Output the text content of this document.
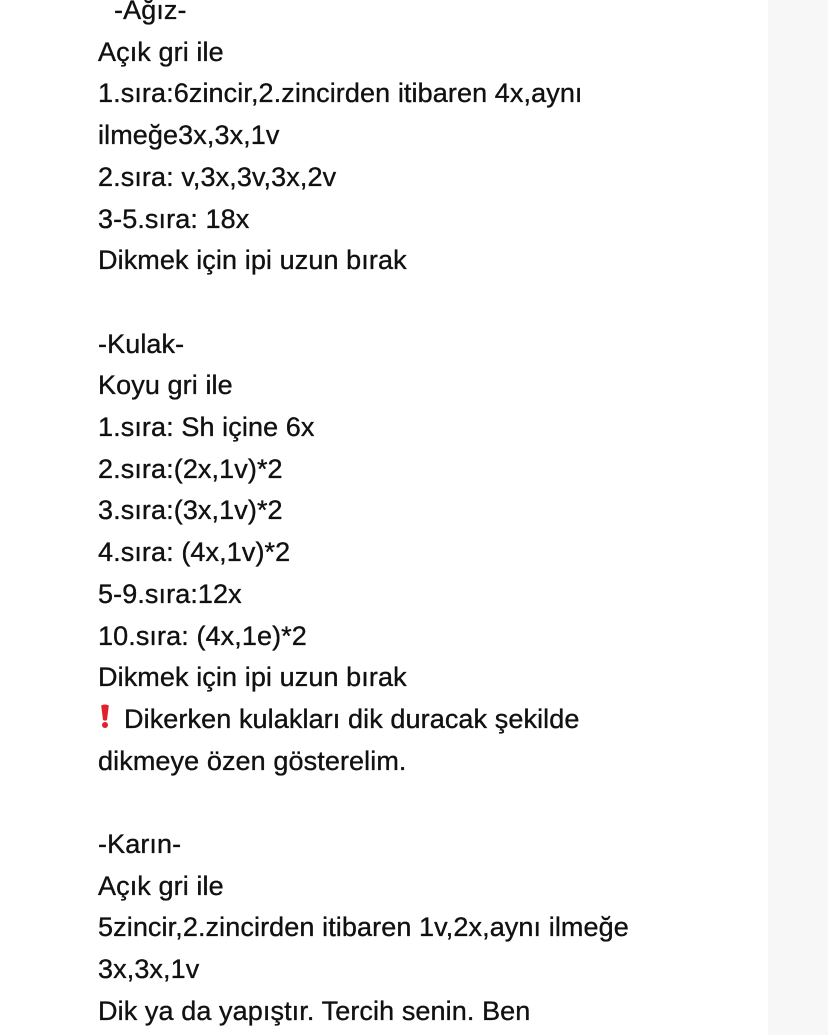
-Ağız-
Açık gri ile
1.sıra:6zincir,2.zincirden itibaren 4x,aynı
ilmeğe3x,3x,1v
2.sıra: v,3x,3v,3x,2v
3-5.sıra: 18x
Dikmek için ipi uzun bırak
-Kulak-
Koyu gri ile
1.sıra: Sh içine 6x
2.sıra:(2x,1v)*2
3.sıra:(3x,1v)*2
4.sıra: (4x,1v)*2
5-9.sıra:12x
10.sıra: (4x,1e)*2
Dikmek için ipi uzun bırak
Dikerken kulakları dik duracak şekilde
dikmeye özen gösterelim.
-Karın-
Açık gri ile
5zincir,2.zincirden itibaren 1v,2x,aynı ilmeğe
3x,3x,1v
Dik ya da yapıştır. Tercih senin. Ben
